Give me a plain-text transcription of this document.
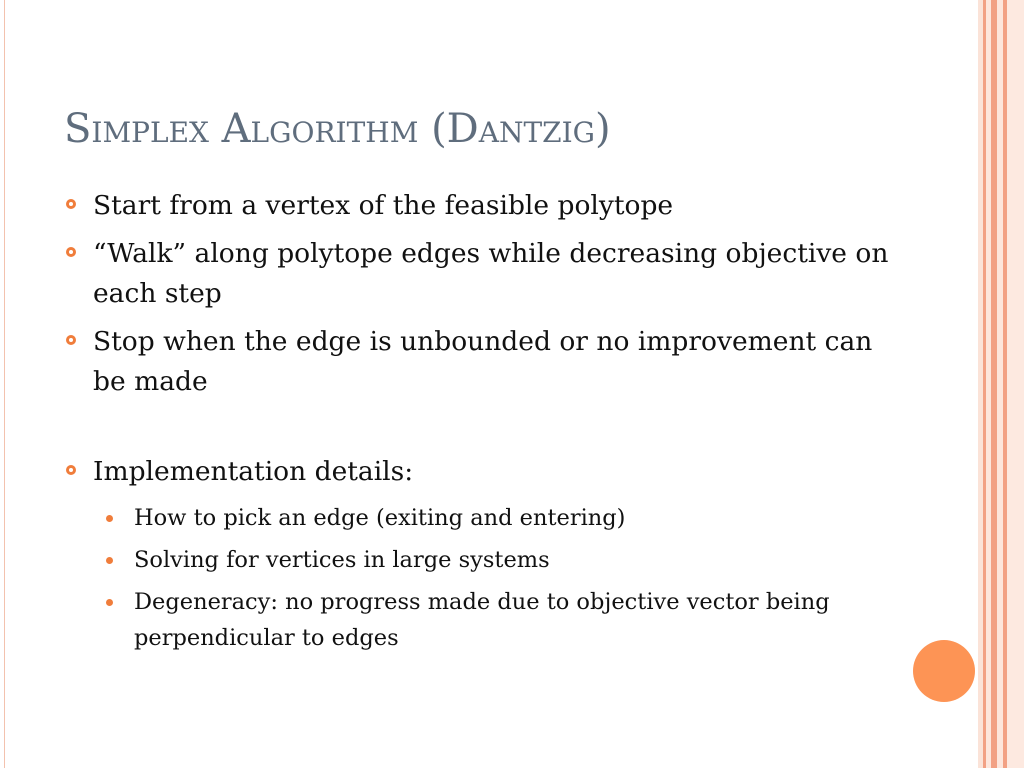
Simplex Algorithm (Dantzig)
Start from a vertex of the feasible polytope
“Walk” along polytope edges while decreasing objective on each step
Stop when the edge is unbounded or no improvement can be made
Implementation details:
How to pick an edge (exiting and entering)
Solving for vertices in large systems
Degeneracy: no progress made due to objective vector being perpendicular to edges
